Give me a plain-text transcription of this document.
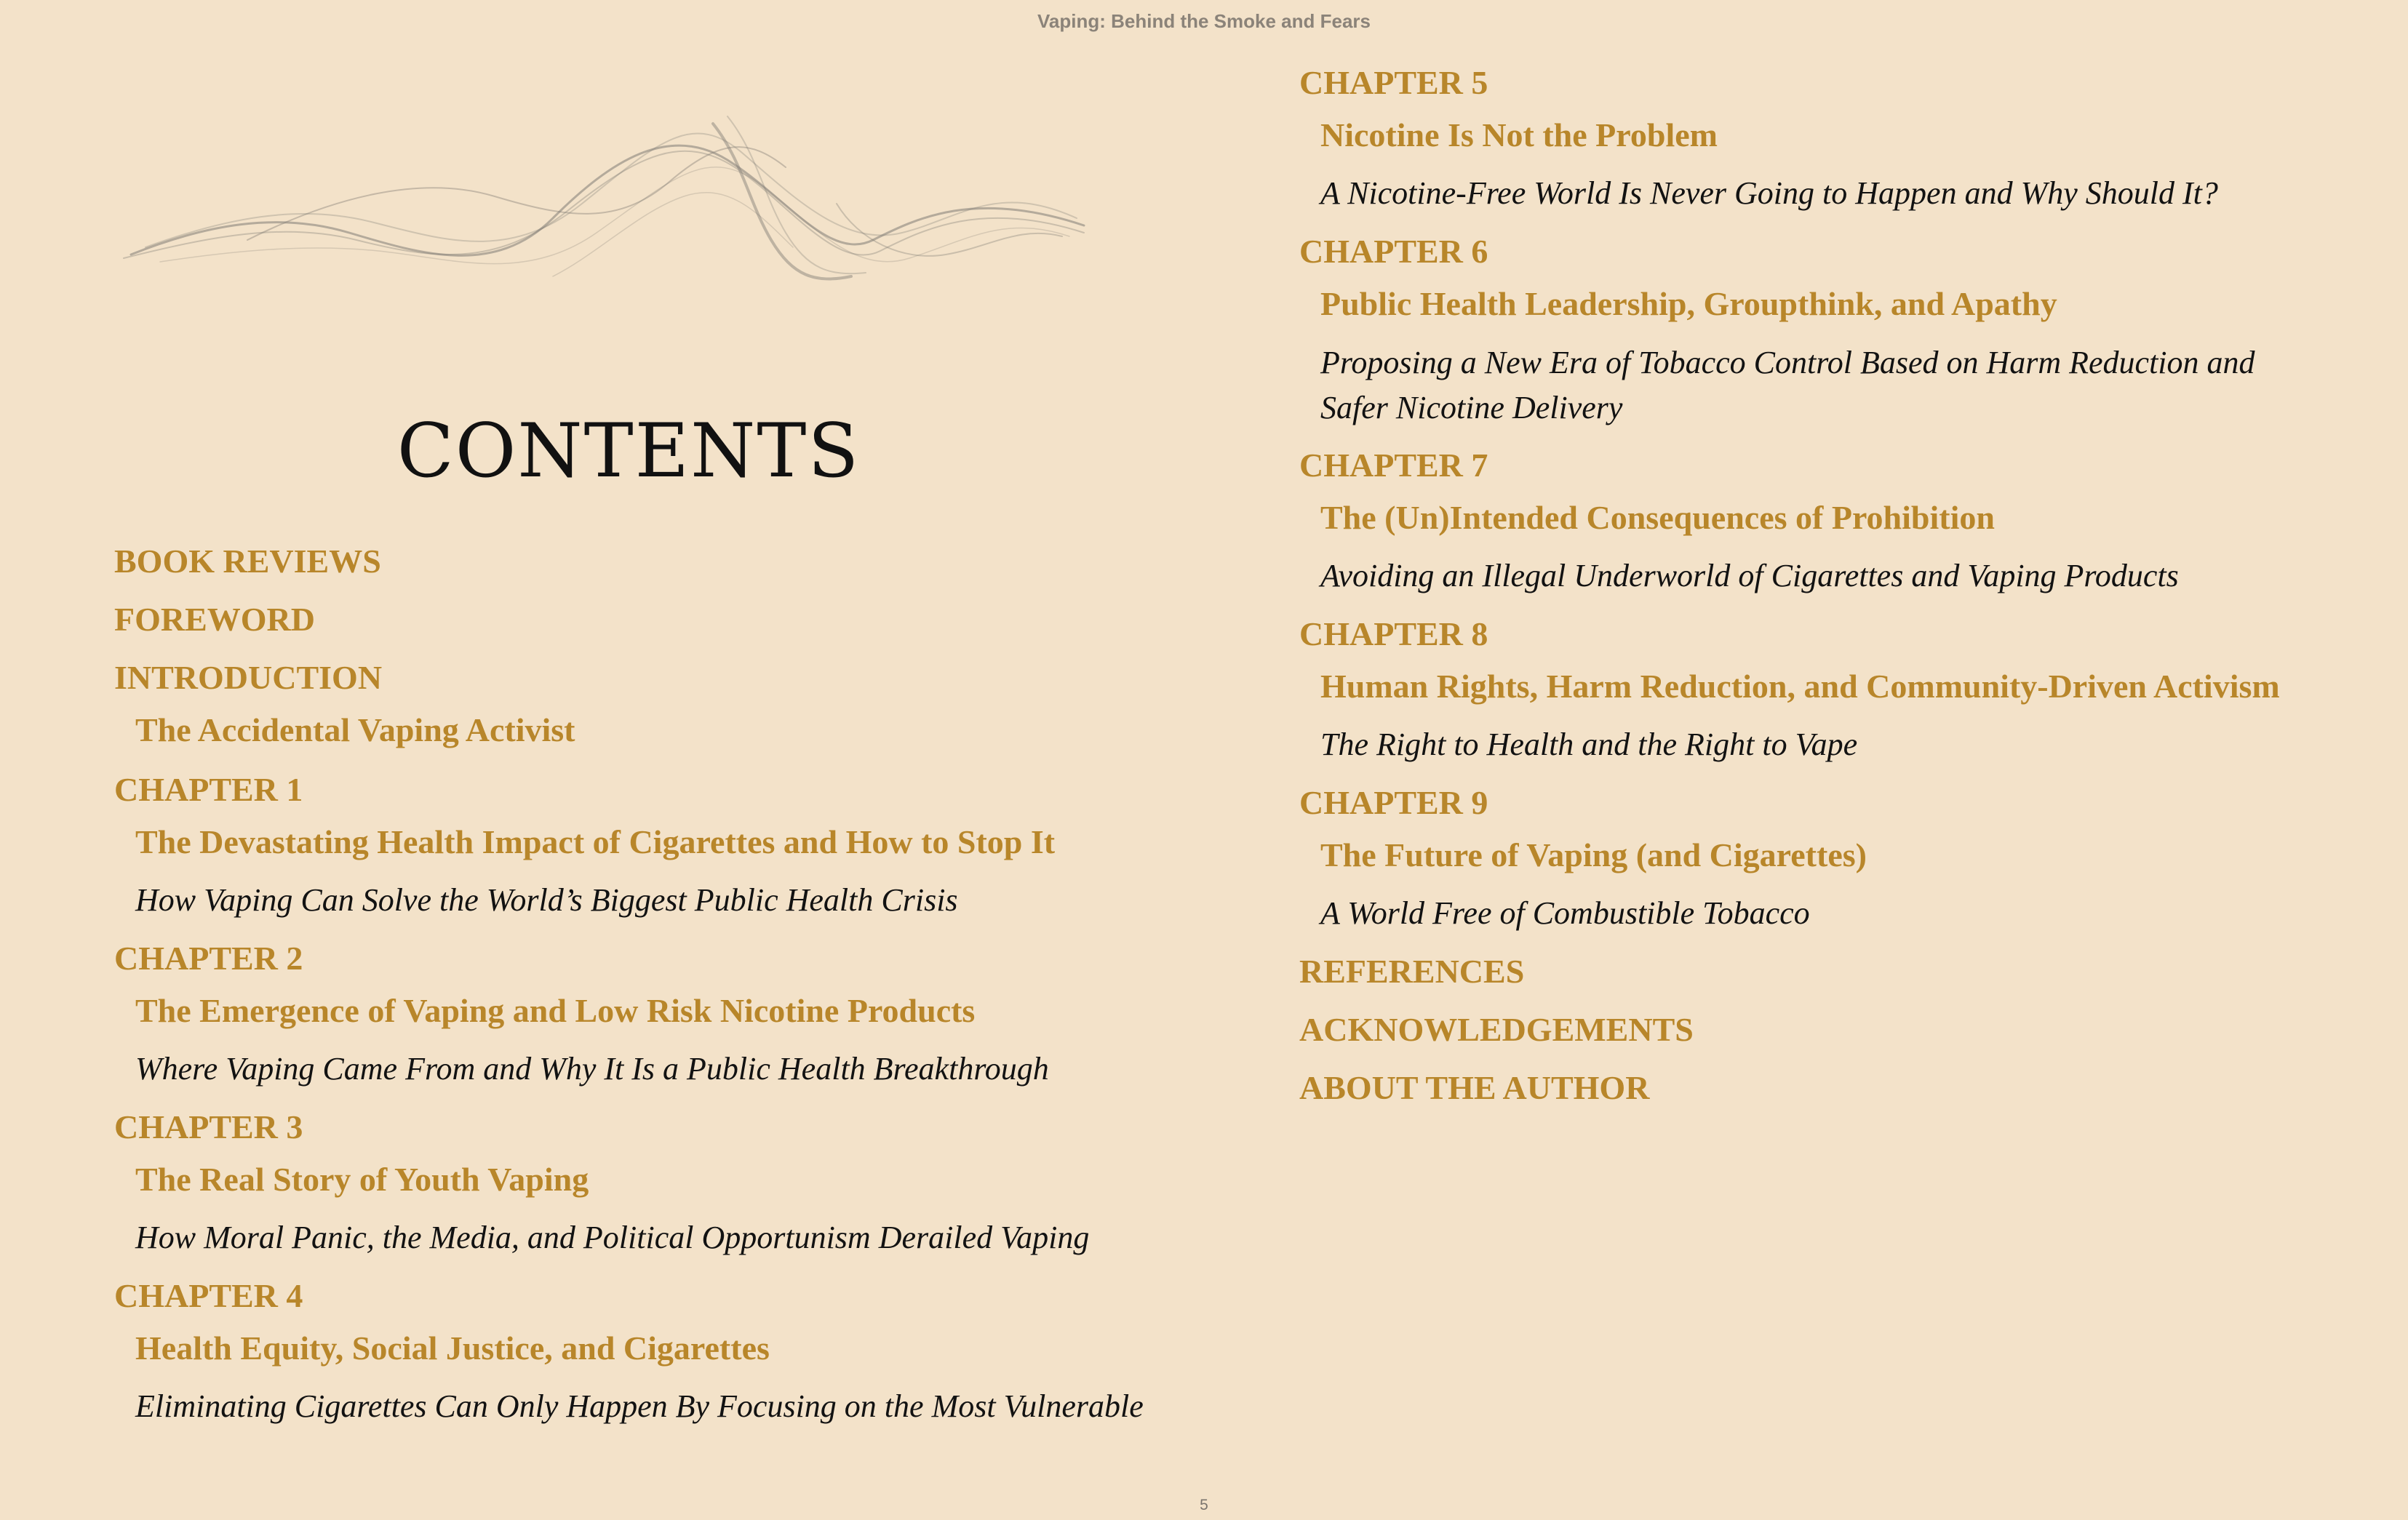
Vaping: Behind the Smoke and Fears
CONTENTS
BOOK REVIEWS
FOREWORD
INTRODUCTION
The Accidental Vaping Activist
CHAPTER 1
The Devastating Health Impact of Cigarettes and How to Stop It
How Vaping Can Solve the World’s Biggest Public Health Crisis
CHAPTER 2
The Emergence of Vaping and Low Risk Nicotine Products
Where Vaping Came From and Why It Is a Public Health Breakthrough
CHAPTER 3
The Real Story of Youth Vaping
How Moral Panic, the Media, and Political Opportunism Derailed Vaping
CHAPTER 4
Health Equity, Social Justice, and Cigarettes
Eliminating Cigarettes Can Only Happen By Focusing on the Most Vulnerable
CHAPTER 5
Nicotine Is Not the Problem
A Nicotine-Free World Is Never Going to Happen and Why Should It?
CHAPTER 6
Public Health Leadership, Groupthink, and Apathy
Proposing a New Era of Tobacco Control Based on Harm Reduction and Safer Nicotine Delivery
CHAPTER 7
The (Un)Intended Consequences of Prohibition
Avoiding an Illegal Underworld of Cigarettes and Vaping Products
CHAPTER 8
Human Rights, Harm Reduction, and Community-Driven Activism
The Right to Health and the Right to Vape
CHAPTER 9
The Future of Vaping (and Cigarettes)
A World Free of Combustible Tobacco
REFERENCES
ACKNOWLEDGEMENTS
ABOUT THE AUTHOR
5
